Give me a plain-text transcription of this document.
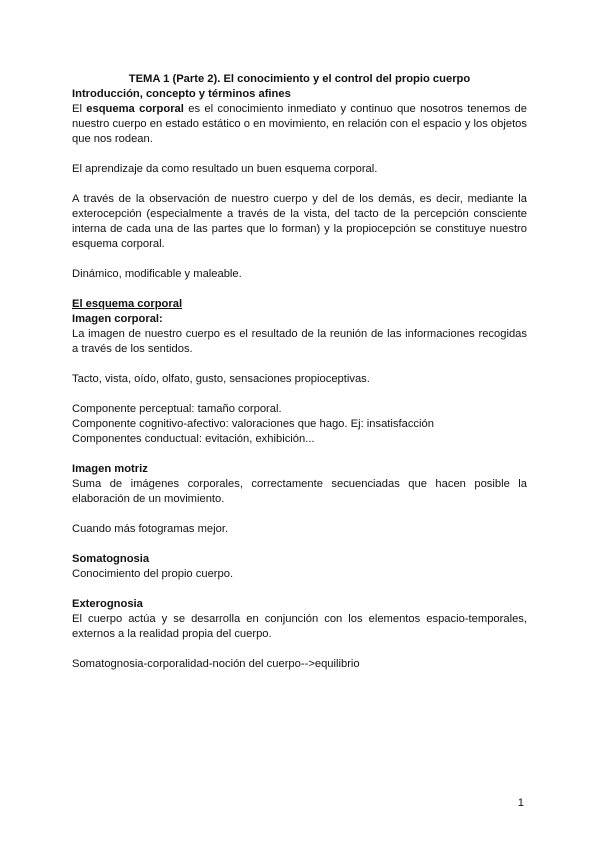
TEMA 1 (Parte 2). El conocimiento y el control del propio cuerpo
Introducción, concepto y términos afines

El esquema corporal es el conocimiento inmediato y continuo que nosotros tenemos de nuestro cuerpo en estado estático o en movimiento, en relación con el espacio y los objetos que nos rodean.

El aprendizaje da como resultado un buen esquema corporal.

A través de la observación de nuestro cuerpo y del de los demás, es decir, mediante la exterocepción (especialmente a través de la vista, del tacto de la percepción consciente interna de cada una de las partes que lo forman) y la propiocepción se constituye nuestro esquema corporal.

Dinámico, modificable y maleable.

El esquema corporal
Imagen corporal:

La imagen de nuestro cuerpo es el resultado de la reunión de las informaciones recogidas a través de los sentidos.

Tacto, vista, oído, olfato, gusto, sensaciones propioceptivas.

Componente perceptual: tamaño corporal.

Componente cognitivo-afectivo: valoraciones que hago. Ej: insatisfacción

Componentes conductual: evitación, exhibición...

Imagen motriz

Suma de imágenes corporales, correctamente secuenciadas que hacen posible la elaboración de un movimiento.

Cuando más fotogramas mejor.

Somatognosia

Conocimiento del propio cuerpo.

Exterognosia

El cuerpo actúa y se desarrolla en conjunción con los elementos espacio-temporales, externos a la realidad propia del cuerpo.

Somatognosia-corporalidad-noción del cuerpo-->equilibrio

1
